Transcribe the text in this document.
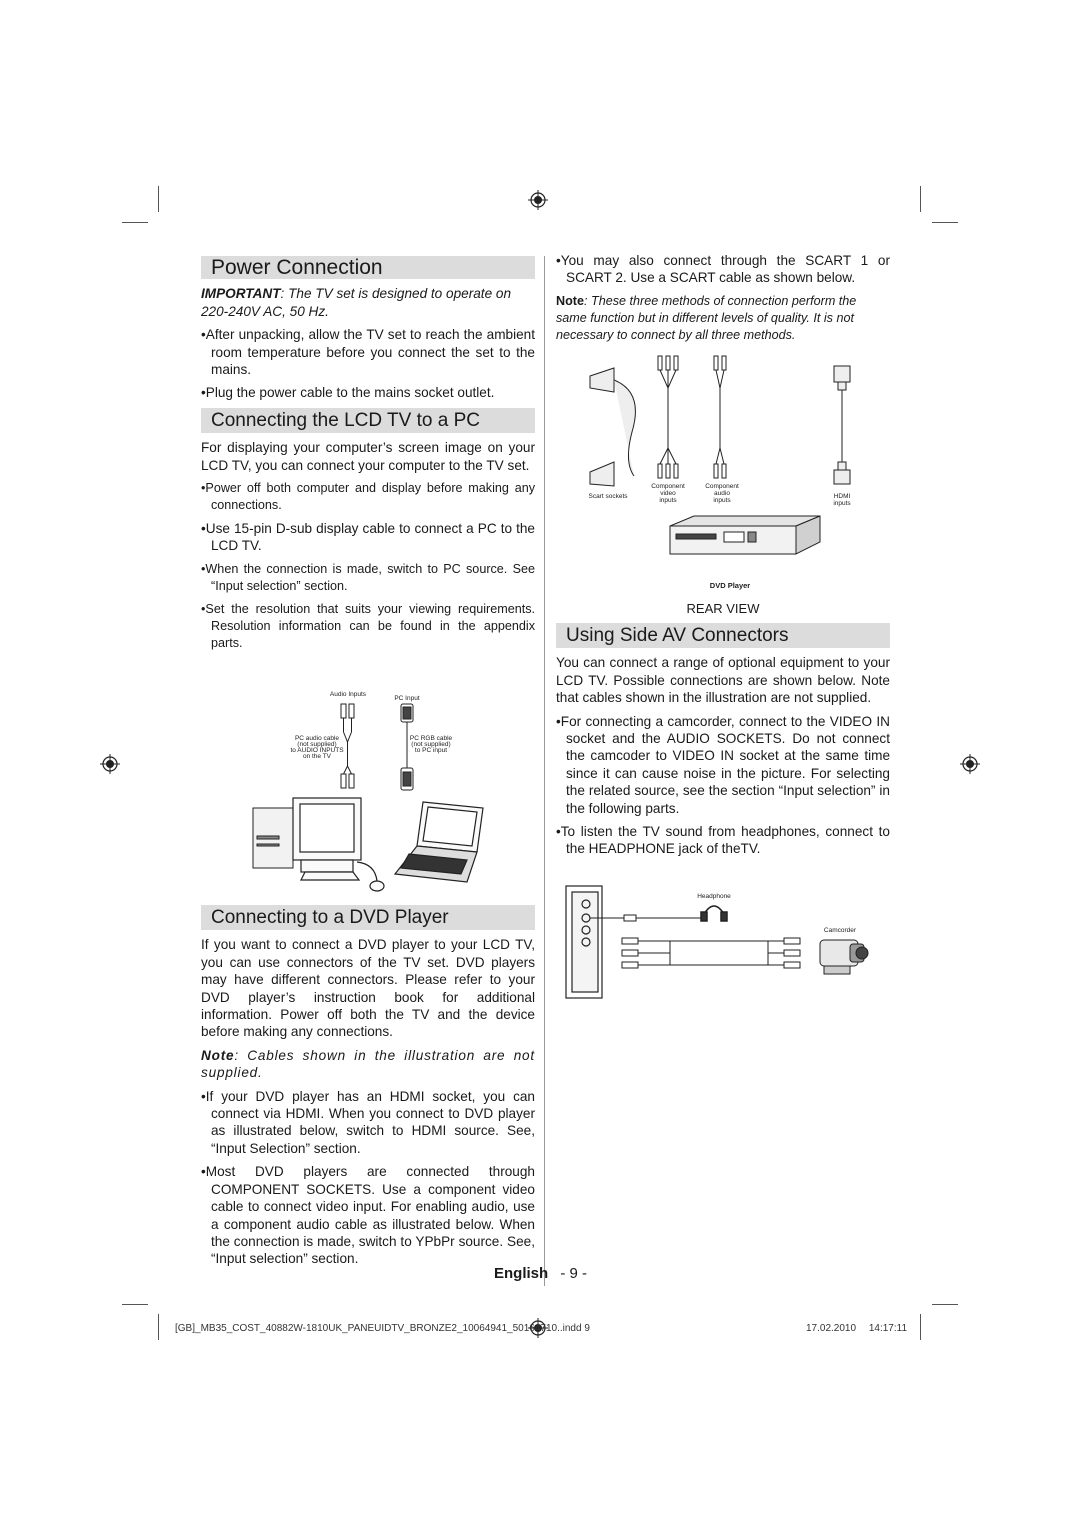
Power Connection

IMPORTANT: The TV set is designed to operate on 220-240V AC, 50 Hz.

• After unpacking, allow the TV set to reach the ambient room temperature before you connect the set to the mains.
• Plug the power cable to the mains socket outlet.
Connecting the LCD TV to a PC

For displaying your computer’s screen image on your LCD TV, you can connect your computer to the TV set.

• Power off both computer and display before making any connections.
• Use 15-pin D-sub display cable to connect a PC to the LCD TV.
• When the connection is made, switch to PC source. See “Input selection” section.
• Set the resolution that suits your viewing requirements. Resolution information can be found in the appendix parts.
Audio Inputs
PC Input
PC audio cable
(not supplied)
to AUDIO INPUTS
on the TV
PC RGB cable
(not supplied)
to PC input
Connecting to a DVD Player

If you want to connect a DVD player to your LCD TV, you can use connectors of the TV set. DVD players may have different connectors. Please refer to your DVD player’s instruction book for additional information. Power off both the TV and the device before making any connections.

Note: Cables shown in the illustration are not supplied.

• If your DVD player has an HDMI socket, you can connect via HDMI. When you connect to DVD player as illustrated below, switch to HDMI source. See, “Input Selection” section.
• Most DVD players are connected through COMPONENT SOCKETS. Use a component video cable to connect video input. For enabling audio, use a component audio cable as illustrated below. When the connection is made, switch to YPbPr source. See, “Input selection” section.
• You may also connect through the SCART 1 or SCART 2. Use a SCART cable as shown below.

Note: These three methods of connection perform the same function but in different levels of quality. It is not necessary to connect by all three methods.

Scart sockets
Component
video
inputs
Component
audio
inputs
HDMI
inputs
DVD Player
REAR VIEW
Using Side AV Connectors

You can connect a range of optional equipment to your LCD TV. Possible connections are shown below. Note that cables shown in the illustration are not supplied.

• For connecting a camcorder, connect to the VIDEO IN socket and the AUDIO SOCKETS. Do not connect the camcoder to VIDEO IN socket at the same time since it can cause noise in the picture. For selecting the related source, see the section “Input selection” in the following parts.
• To listen the TV sound from headphones, connect to the HEADPHONE jack of theTV.
Headphone
Camcorder
English - 9 -
[GB]_MB35_COST_40882W-1810UK_PANEUIDTV_BRONZE2_10064941_50164710..indd 9	17.02.2010 14:17:11
